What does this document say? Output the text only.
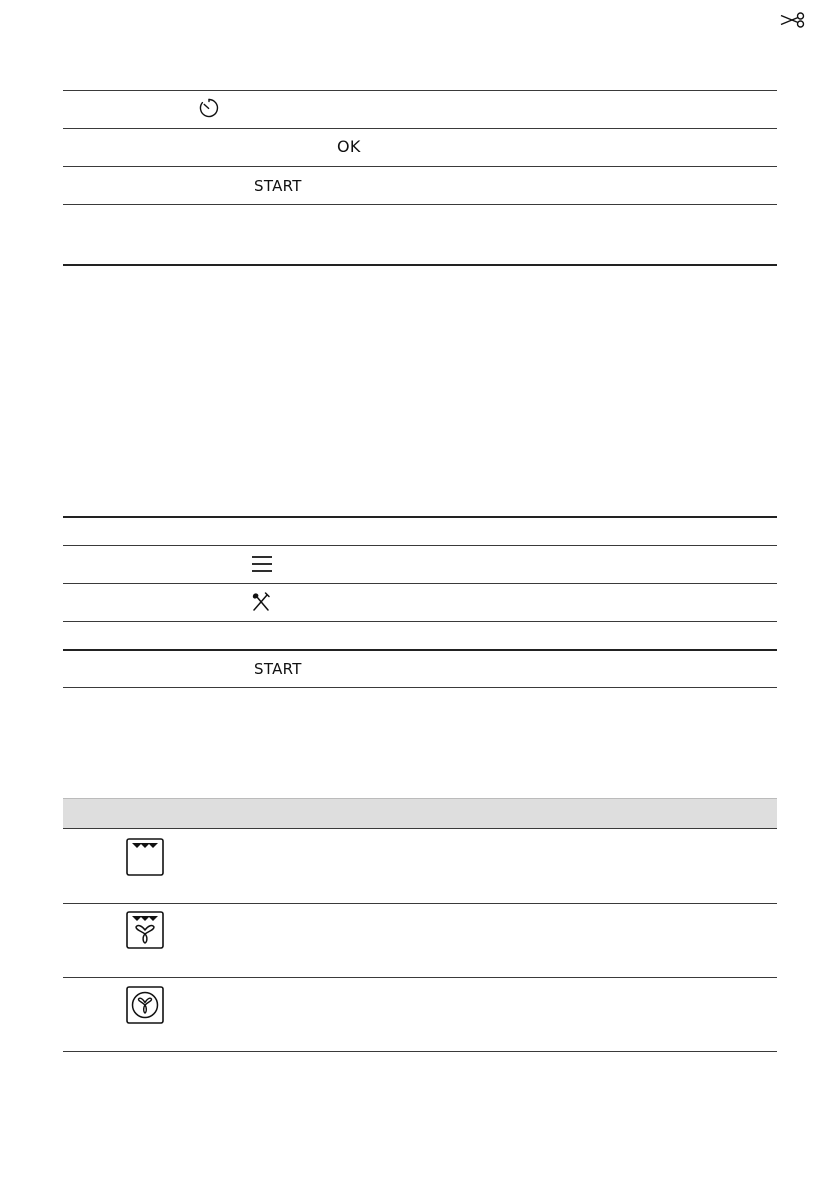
OK
START
START
